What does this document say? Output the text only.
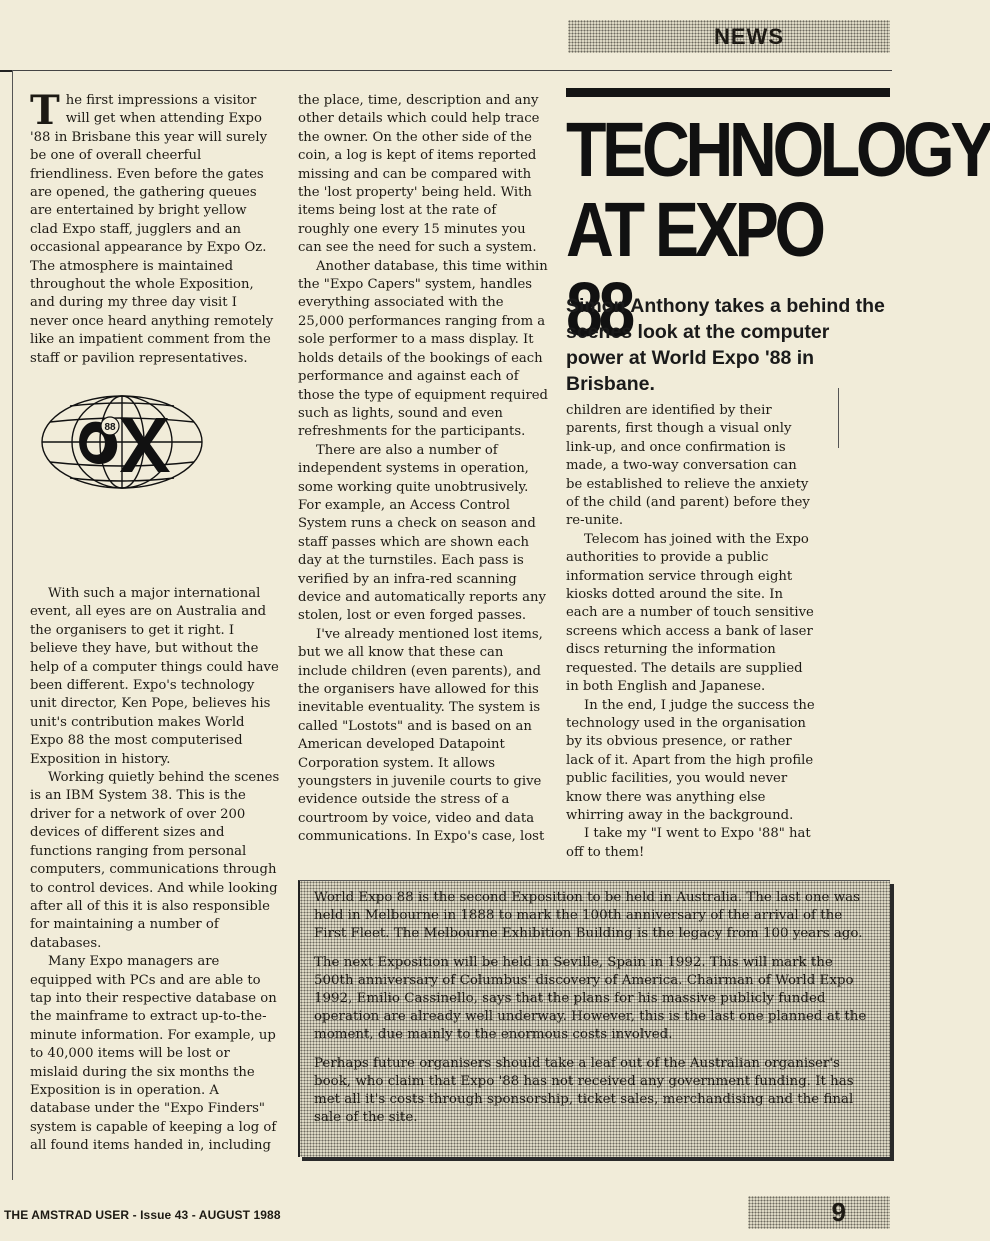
NEWS
TECHNOLOGY
AT EXPO 88

Simon Anthony takes a behind the scenes look at the computer power at World Expo '88 in Brisbane.

The first impressions a visitor will get when attending Expo '88 in Brisbane this year will surely be one of overall cheerful friendliness. Even before the gates are opened, the gathering queues are entertained by bright yellow clad Expo staff, jugglers and an occasional appearance by Expo Oz. The atmosphere is maintained throughout the whole Exposition, and during my three day visit I never once heard anything remotely like an impatient comment from the staff or pavilion representatives.

88

With such a major international event, all eyes are on Australia and the organisers to get it right. I believe they have, but without the help of a computer things could have been different. Expo's technology unit director, Ken Pope, believes his unit's contribution makes World Expo 88 the most computerised Exposition in history.

Working quietly behind the scenes is an IBM System 38. This is the driver for a network of over 200 devices of different sizes and functions ranging from personal computers, communications through to control devices. And while looking after all of this it is also responsible for maintaining a number of databases.

Many Expo managers are equipped with PCs and are able to tap into their respective database on the mainframe to extract up-to-the-minute information. For example, up to 40,000 items will be lost or mislaid during the six months the Exposition is in operation. A database under the "Expo Finders" system is capable of keeping a log of all found items handed in, including

the place, time, description and any other details which could help trace the owner. On the other side of the coin, a log is kept of items reported missing and can be compared with the 'lost property' being held. With items being lost at the rate of roughly one every 15 minutes you can see the need for such a system.

Another database, this time within the "Expo Capers" system, handles everything associated with the 25,000 performances ranging from a sole performer to a mass display. It holds details of the bookings of each performance and against each of those the type of equipment required such as lights, sound and even refreshments for the participants.

There are also a number of independent systems in operation, some working quite unobtrusively. For example, an Access Control System runs a check on season and staff passes which are shown each day at the turnstiles. Each pass is verified by an infra-red scanning device and automatically reports any stolen, lost or even forged passes.

I've already mentioned lost items, but we all know that these can include children (even parents), and the organisers have allowed for this inevitable eventuality. The system is called "Lostots" and is based on an American developed Datapoint Corporation system. It allows youngsters in juvenile courts to give evidence outside the stress of a courtroom by voice, video and data communications. In Expo's case, lost

children are identified by their parents, first though a visual only link-up, and once confirmation is made, a two-way conversation can be established to relieve the anxiety of the child (and parent) before they re-unite.

Telecom has joined with the Expo authorities to provide a public information service through eight kiosks dotted around the site. In each are a number of touch sensitive screens which access a bank of laser discs returning the information requested. The details are supplied in both English and Japanese.

In the end, I judge the success the technology used in the organisation by its obvious presence, or rather lack of it. Apart from the high profile public facilities, you would never know there was anything else whirring away in the background.

I take my "I went to Expo '88" hat off to them!

World Expo 88 is the second Exposition to be held in Australia. The last one was held in Melbourne in 1888 to mark the 100th anniversary of the arrival of the First Fleet. The Melbourne Exhibition Building is the legacy from 100 years ago.

The next Exposition will be held in Seville, Spain in 1992. This will mark the 500th anniversary of Columbus' discovery of America. Chairman of World Expo 1992, Emilio Cassinello, says that the plans for his massive publicly funded operation are already well underway. However, this is the last one planned at the moment, due mainly to the enormous costs involved.

Perhaps future organisers should take a leaf out of the Australian organiser's book, who claim that Expo '88 has not received any government funding. It has met all it's costs through sponsorship, ticket sales, merchandising and the final sale of the site.

THE AMSTRAD USER - Issue 43 - AUGUST 1988	9
